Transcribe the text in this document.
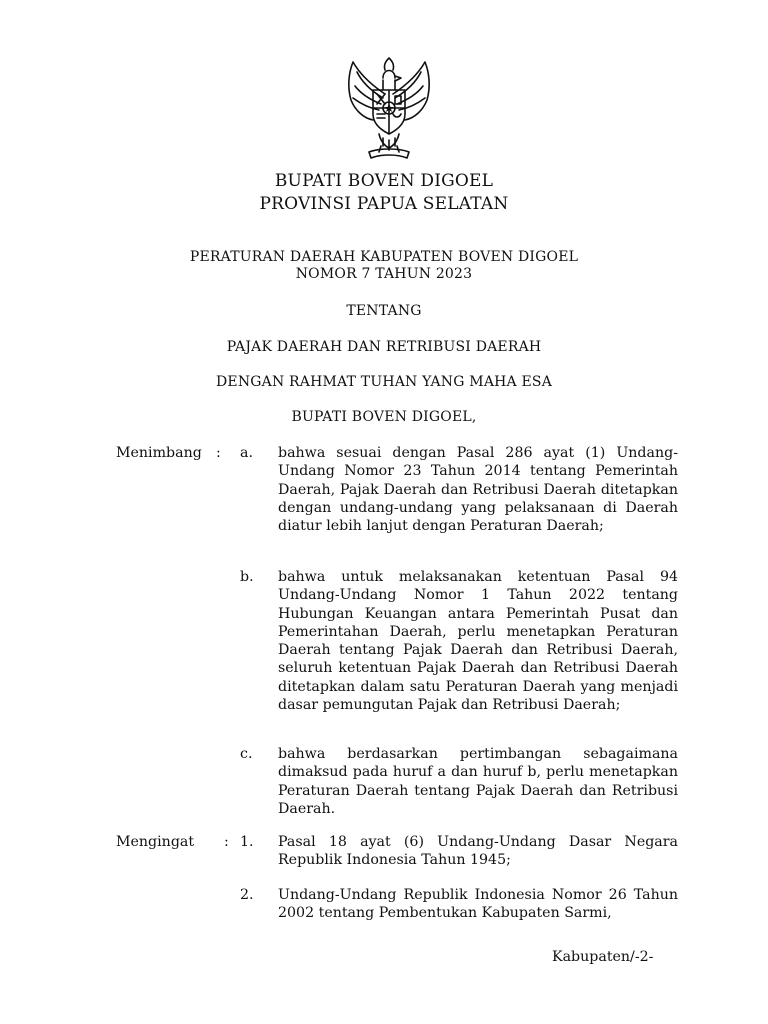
BUPATI BOVEN DIGOEL
PROVINSI PAPUA SELATAN
PERATURAN DAERAH KABUPATEN BOVEN DIGOEL
NOMOR 7 TAHUN 2023
TENTANG
PAJAK DAERAH DAN RETRIBUSI DAERAH
DENGAN RAHMAT TUHAN YANG MAHA ESA
BUPATI BOVEN DIGOEL,
Menimbang : a. bahwa sesuai dengan Pasal 286 ayat (1) Undang-Undang Nomor 23 Tahun 2014 tentang Pemerintah Daerah, Pajak Daerah dan Retribusi Daerah ditetapkan dengan undang-undang yang pelaksanaan di Daerah diatur lebih lanjut dengan Peraturan Daerah;
b. bahwa untuk melaksanakan ketentuan Pasal 94 Undang-Undang Nomor 1 Tahun 2022 tentang Hubungan Keuangan antara Pemerintah Pusat dan Pemerintahan Daerah, perlu menetapkan Peraturan Daerah tentang Pajak Daerah dan Retribusi Daerah, seluruh ketentuan Pajak Daerah dan Retribusi Daerah ditetapkan dalam satu Peraturan Daerah yang menjadi dasar pemungutan Pajak dan Retribusi Daerah;
c. bahwa berdasarkan pertimbangan sebagaimana dimaksud pada huruf a dan huruf b, perlu menetapkan Peraturan Daerah tentang Pajak Daerah dan Retribusi Daerah.
Mengingat : 1. Pasal 18 ayat (6) Undang-Undang Dasar Negara Republik Indonesia Tahun 1945;
2. Undang-Undang Republik Indonesia Nomor 26 Tahun 2002 tentang Pembentukan Kabupaten Sarmi,
Kabupaten/-2-
